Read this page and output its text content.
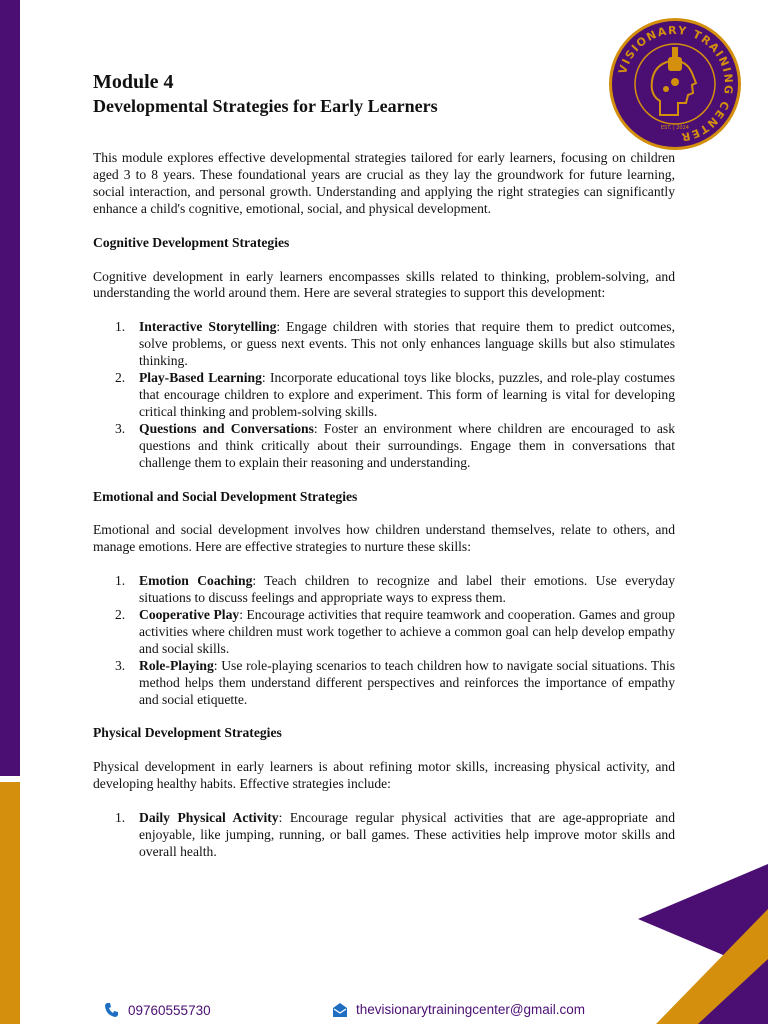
VISIONARY TRAINING CENTER
EST. | 2024
Module 4
Developmental Strategies for Early Learners

This module explores effective developmental strategies tailored for early learners, focusing on children aged 3 to 8 years. These foundational years are crucial as they lay the groundwork for future learning, social interaction, and personal growth. Understanding and applying the right strategies can significantly enhance a child's cognitive, emotional, social, and physical development.

Cognitive Development Strategies

Cognitive development in early learners encompasses skills related to thinking, problem-solving, and understanding the world around them. Here are several strategies to support this development:

1. Interactive Storytelling: Engage children with stories that require them to predict outcomes, solve problems, or guess next events. This not only enhances language skills but also stimulates thinking.
2. Play-Based Learning: Incorporate educational toys like blocks, puzzles, and role-play costumes that encourage children to explore and experiment. This form of learning is vital for developing critical thinking and problem-solving skills.
3. Questions and Conversations: Foster an environment where children are encouraged to ask questions and think critically about their surroundings. Engage them in conversations that challenge them to explain their reasoning and understanding.
Emotional and Social Development Strategies

Emotional and social development involves how children understand themselves, relate to others, and manage emotions. Here are effective strategies to nurture these skills:

1. Emotion Coaching: Teach children to recognize and label their emotions. Use everyday situations to discuss feelings and appropriate ways to express them.
2. Cooperative Play: Encourage activities that require teamwork and cooperation. Games and group activities where children must work together to achieve a common goal can help develop empathy and social skills.
3. Role-Playing: Use role-playing scenarios to teach children how to navigate social situations. This method helps them understand different perspectives and reinforces the importance of empathy and social etiquette.
Physical Development Strategies

Physical development in early learners is about refining motor skills, increasing physical activity, and developing healthy habits. Effective strategies include:

1. Daily Physical Activity: Encourage regular physical activities that are age-appropriate and enjoyable, like jumping, running, or ball games. These activities help improve motor skills and overall health.
09760555730	thevisionarytrainingcenter@gmail.com
